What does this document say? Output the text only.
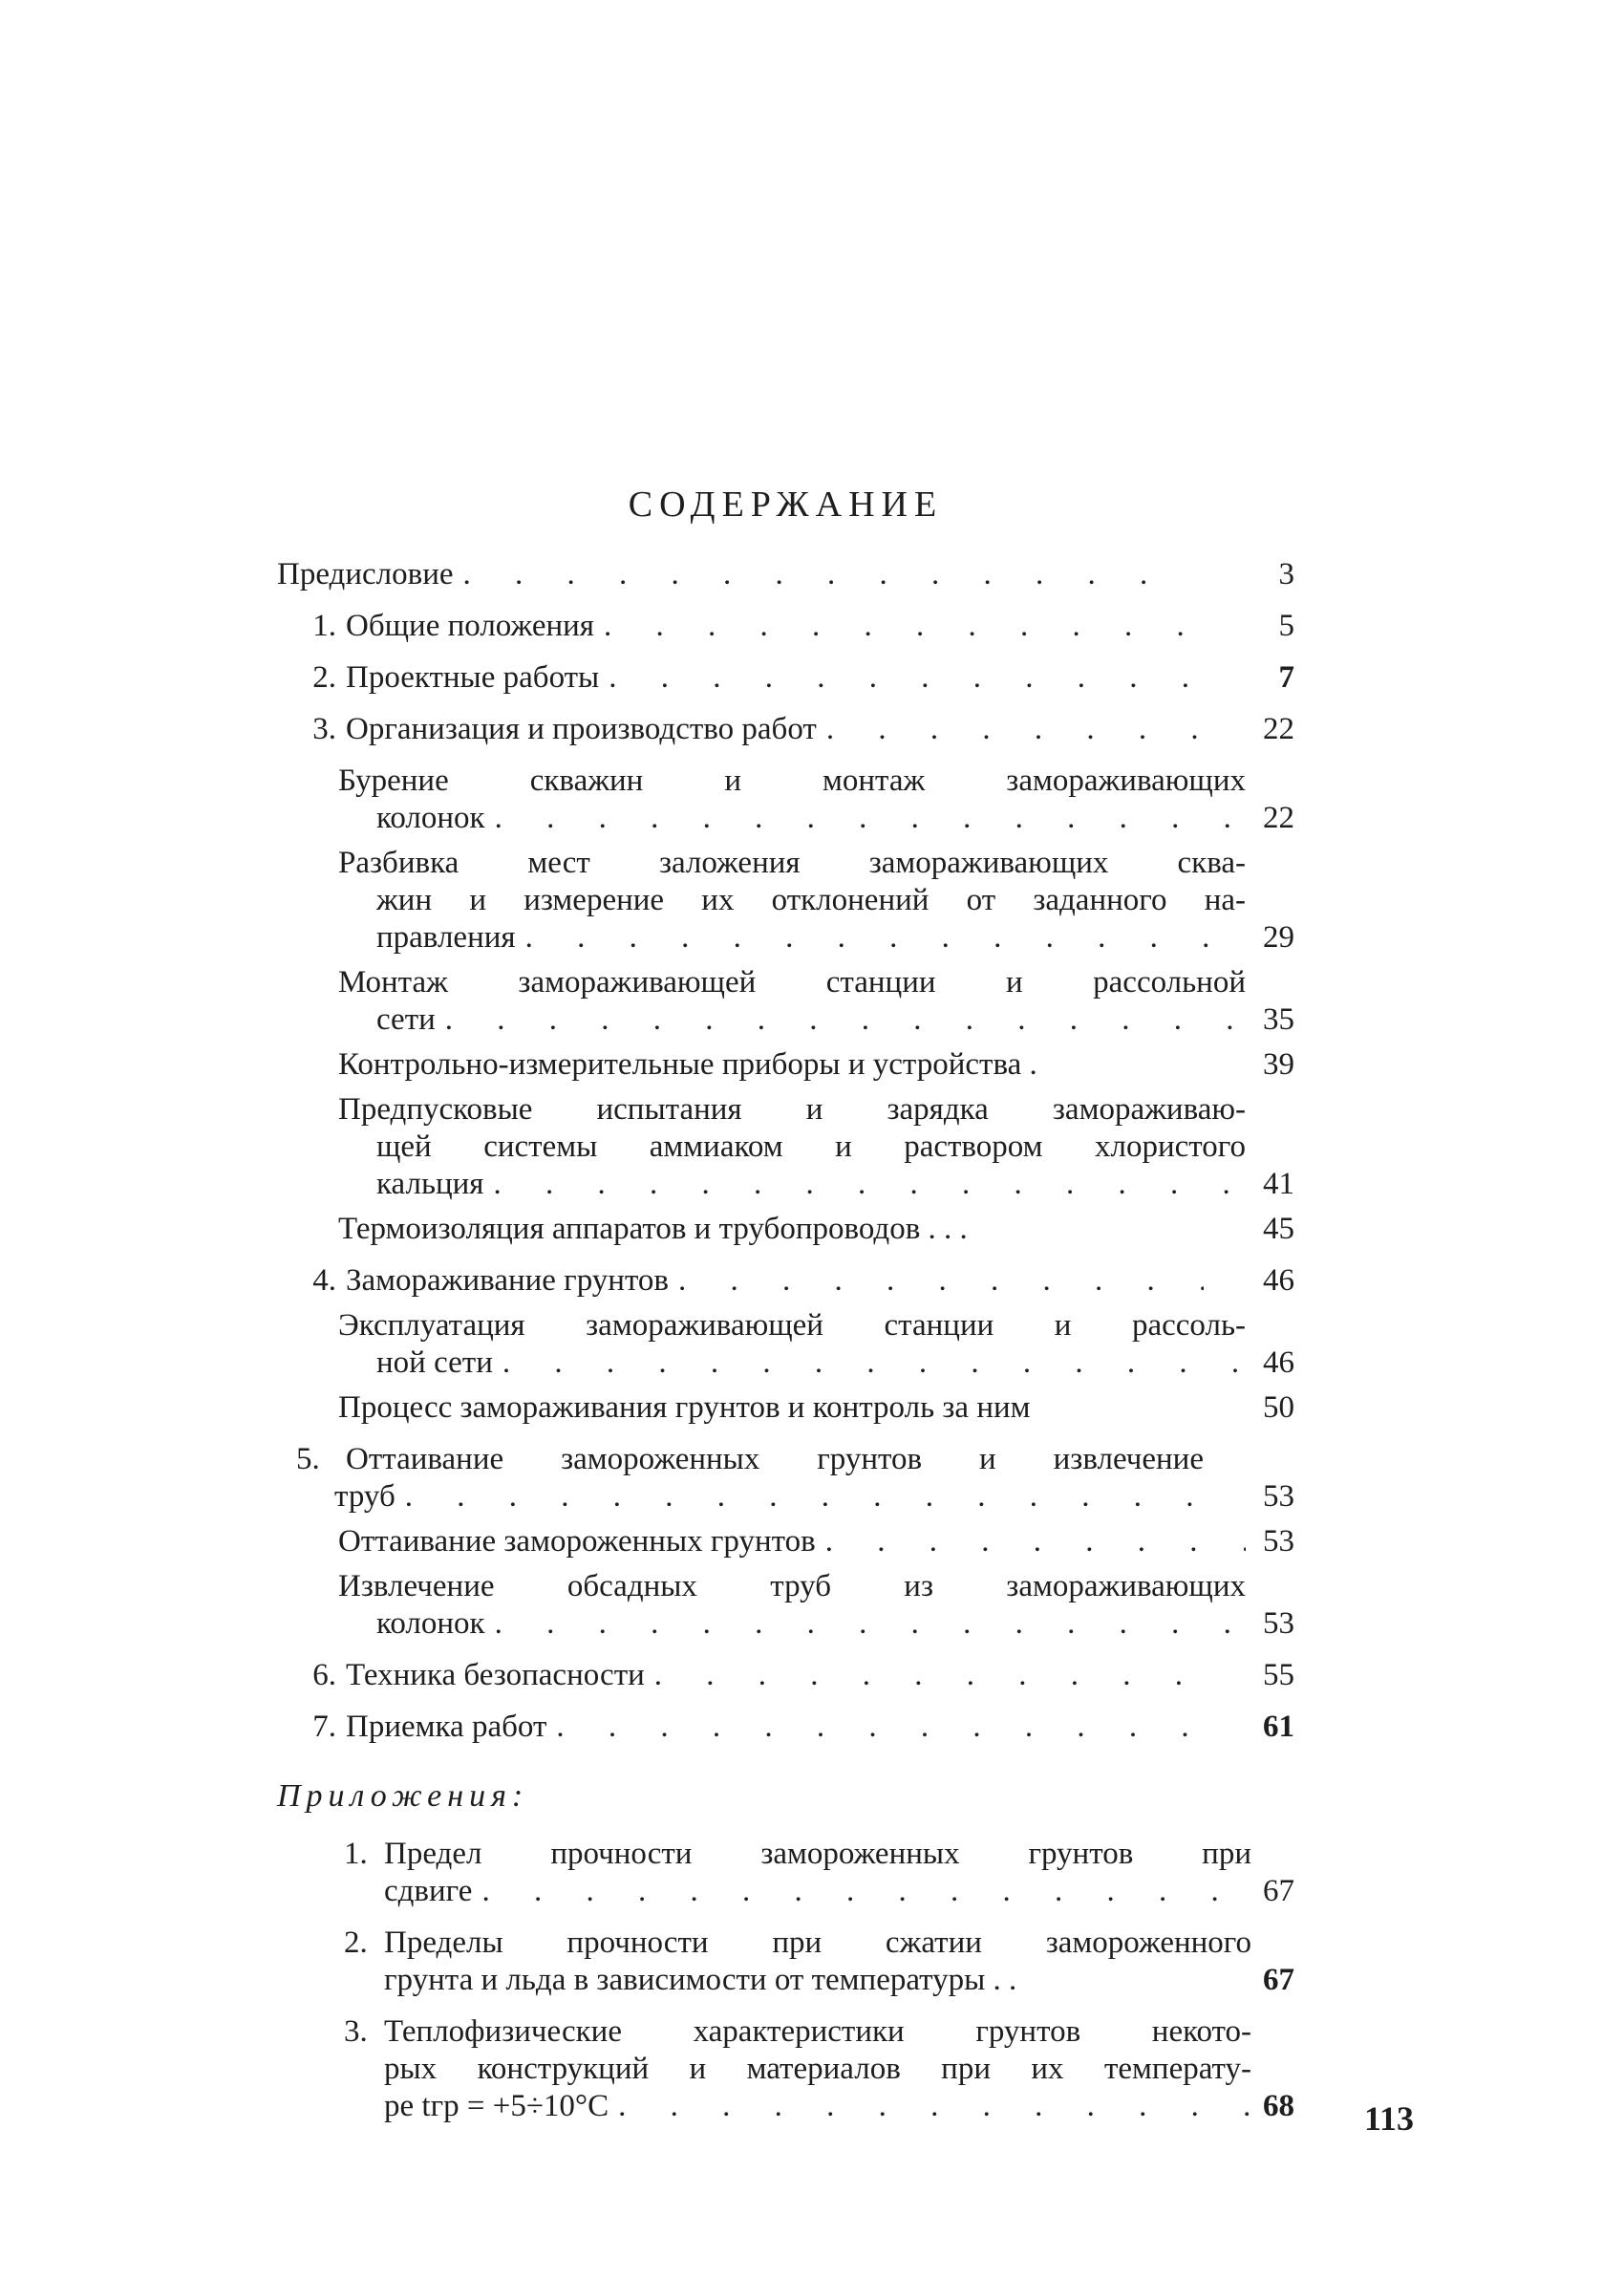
СОДЕРЖАНИЕ
Предисловие . . .	3
1. Общие положения . . .	5
2. Проектные работы . . .	7
3. Организация и производство работ . . .	22
Бурение скважин и монтаж замораживающих
колонок . . .	22
Разбивка мест заложения замораживающих сква-
жин и измерение их отклонений от заданного на-
правления . . .	29
Монтаж замораживающей станции и рассольной
сети . . .	35
Контрольно-измерительные приборы и устройства .	39
Предпусковые испытания и зарядка замораживаю-
щей системы аммиаком и раствором хлористого
кальция . . .	41
Термоизоляция аппаратов и трубопроводов . . .	45
4. Замораживание грунтов . . .	46
Эксплуатация замораживающей станции и рассоль-
ной сети . . .	46
Процесс замораживания грунтов и контроль за ним	50
5. Оттаивание замороженных грунтов и извлечение
труб . . .	53
Оттаивание замороженных грунтов . . .	53
Извлечение обсадных труб из замораживающих
колонок . . .	53
6. Техника безопасности . . .	55
7. Приемка работ . . .	61
Приложения:
1. Предел прочности замороженных грунтов при
сдвиге . . .	67
2. Пределы прочности при сжатии замороженного
грунта и льда в зависимости от температуры . .	67
3. Теплофизические характеристики грунтов некото-
рых конструкций и материалов при их температу-
ре tгр = +5÷10°C . . .	68 113
